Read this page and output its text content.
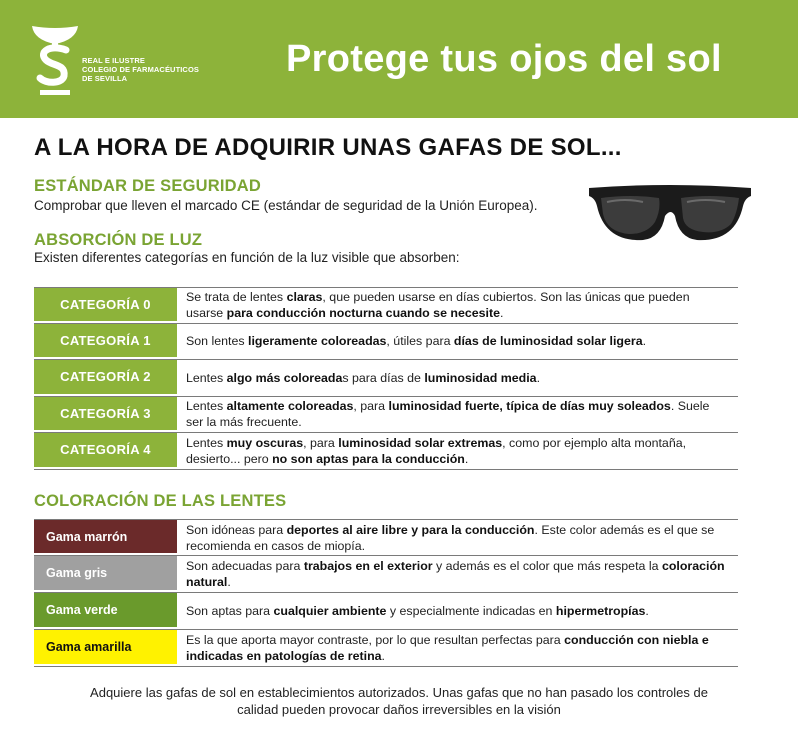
REAL E ILUSTRE
COLEGIO DE FARMACÉUTICOS
DE SEVILLA	Protege tus ojos del sol
A LA HORA DE ADQUIRIR UNAS GAFAS DE SOL...
ESTÁNDAR DE SEGURIDAD
Comprobar que lleven el marcado CE (estándar de seguridad de la Unión Europea).
ABSORCIÓN DE LUZ
Existen diferentes categorías en función de la luz visible que absorben:
CATEGORÍA 0	Se trata de lentes claras, que pueden usarse en días cubiertos. Son las únicas que pueden usarse para conducción nocturna cuando se necesite.
CATEGORÍA 1	Son lentes ligeramente coloreadas, útiles para días de luminosidad solar ligera.
CATEGORÍA 2	Lentes algo más coloreadas para días de luminosidad media.
CATEGORÍA 3	Lentes altamente coloreadas, para luminosidad fuerte, típica de días muy soleados. Suele ser la más frecuente.
CATEGORÍA 4	Lentes muy oscuras, para luminosidad solar extremas, como por ejemplo alta montaña, desierto... pero no son aptas para la conducción.
COLORACIÓN DE LAS LENTES
Gama marrón	Son idóneas para deportes al aire libre y para la conducción. Este color además es el que se recomienda en casos de miopía.
Gama gris	Son adecuadas para trabajos en el exterior y además es el color que más respeta la coloración natural.
Gama verde	Son aptas para cualquier ambiente y especialmente indicadas en hipermetropías.
Gama amarilla	Es la que aporta mayor contraste, por lo que resultan perfectas para conducción con niebla e indicadas en patologías de retina.
Adquiere las gafas de sol en establecimientos autorizados. Unas gafas que no han pasado los controles de
calidad pueden provocar daños irreversibles en la visión
